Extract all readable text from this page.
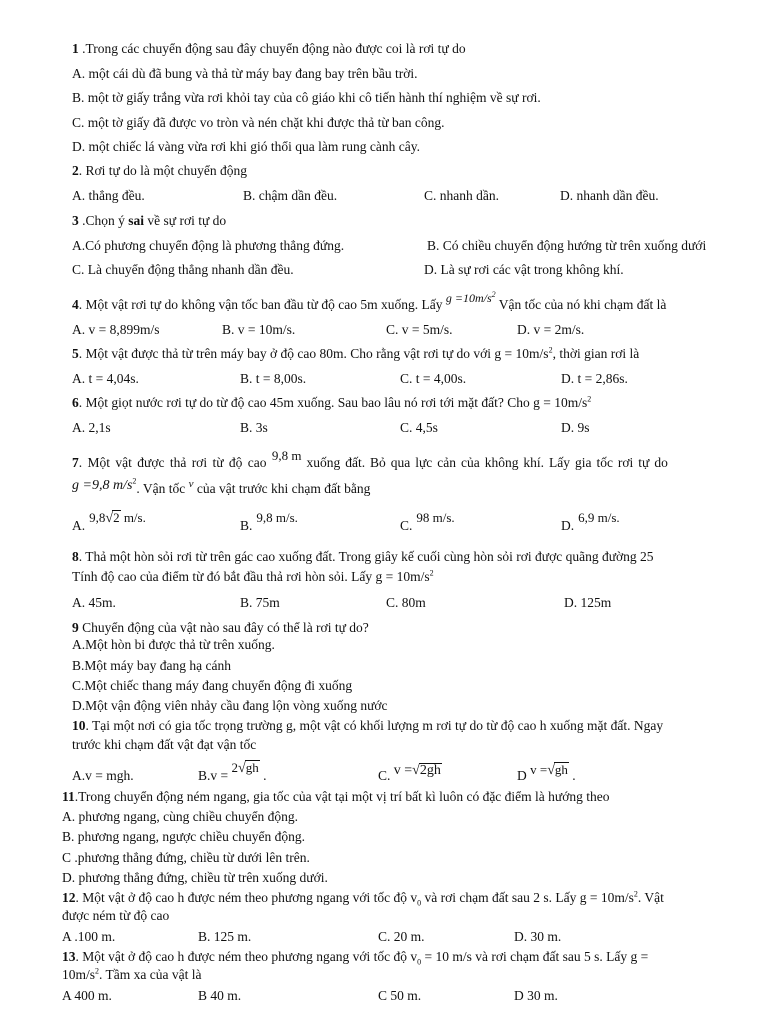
1 .Trong các chuyển động sau đây chuyển động nào được coi là rơi tự do
A. một cái dù đã bung và thả từ máy bay đang bay trên bầu trời.
B. một tờ giấy trắng vừa rơi khỏi tay của cô giáo khi cô tiến hành thí nghiệm về sự rơi.
C. một tờ giấy đã được vo tròn và nén chặt khi được thả từ ban công.
D. một chiếc lá vàng vừa rơi khi gió thổi qua làm rung cành cây.
2. Rơi tự do là một chuyển động
A. thẳng đều.	B. chậm dần đều.	C. nhanh dần.	D. nhanh dần đều.
3 .Chọn ý sai về sự rơi tự do
A.Có phương chuyển động là phương thẳng đứng.	B. Có chiều chuyển động hướng từ trên xuống dưới
C. Là chuyển động thẳng nhanh dần đều.	D. Là sự rơi các vật trong không khí.
4. Một vật rơi tự do không vận tốc ban đầu từ độ cao 5m xuống. Lấy $g =10m/s^2$ Vận tốc của nó khi chạm đất là
A. v = 8,899m/s	B. v = 10m/s.	C. v = 5m/s.	D. v = 2m/s.
5. Một vật được thả từ trên máy bay ở độ cao 80m. Cho rằng vật rơi tự do với $g = 10m/s^2$, thời gian rơi là
A. t = 4,04s.	B. t = 8,00s.	C. t = 4,00s.	D. t = 2,86s.
6. Một giọt nước rơi tự do từ độ cao 45m xuống. Sau bao lâu nó rơi tới mặt đất? Cho $g = 10m/s^2$
A. 2,1s	B. 3s	C. 4,5s	D. 9s
7. Một vật được thả rơi từ độ cao 9,8 m xuống đất. Bỏ qua lực cản của không khí. Lấy gia tốc rơi tự do
g =9,8 $m/s^2$. Vận tốc $^v$ của vật trước khi chạm đất bằng
A.9,8√2 m/s.
B.9,8 m/s.
C.98 m/s.
D.6,9 m/s.
8. Thả một hòn sỏi rơi từ trên gác cao xuống đất. Trong giây kế cuối cùng hòn sỏi rơi được quãng đường 25
Tính độ cao của điểm từ đó bắt đầu thả rơi hòn sỏi. Lấy $g = 10m/s^2$
A. 45m.	B. 75m	C. 80m	D. 125m
9 Chuyển động của vật nào sau đây có thể là rơi tự do?
A.Một hòn bi được thả từ trên xuống.
B.Một máy bay đang hạ cánh
C.Một chiếc thang máy đang chuyển động đi xuống
D.Một vận động viên nhảy cầu đang lộn vòng xuống nước
10. Tại một nơi có gia tốc trọng trường g, một vật có khối lượng m rơi tự do từ độ cao h xuống mặt đất. Ngay
trước khi chạm đất vật đạt vận tốc
A.v = mgh.	B.v = 2√gh .	C. v =√2gh	D v =√gh .
11.Trong chuyển động ném ngang, gia tốc của vật tại một vị trí bất kì luôn có đặc điểm là hướng theo
A. phương ngang, cùng chiều chuyển động.
B. phương ngang, ngược chiều chuyển động.
C .phương thẳng đứng, chiều từ dưới lên trên.
D. phương thẳng đứng, chiều từ trên xuống dưới.
12. Một vật ở độ cao h được ném theo phương ngang với tốc độ $v_0$ và rơi chạm đất sau 2 s. Lấy $g = 10m/s^2$. Vật
được ném từ độ cao
A .100 m.	B. 125 m.	C. 20 m.	D. 30 m.
13. Một vật ở độ cao h được ném theo phương ngang với tốc độ $v_0 = 10$ m/s và rơi chạm đất sau 5 s. Lấy g =
$10m/s^2$. Tầm xa của vật là
A 400 m.	B 40 m.	C 50 m.	D 30 m.
